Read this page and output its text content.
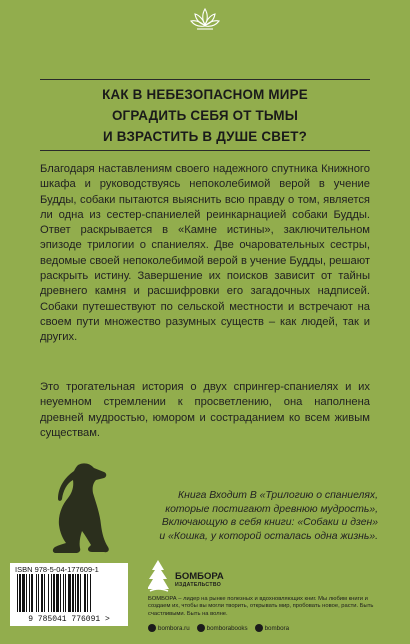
КАК В НЕБЕЗОПАСНОМ МИРЕ
ОГРАДИТЬ СЕБЯ ОТ ТЬМЫ
И ВЗРАСТИТЬ В ДУШЕ СВЕТ?

Благодаря наставлениям своего надежного спутника Книжного шкафа и руководствуясь непоколебимой верой в учение Будды, собаки пытаются выяснить всю правду о том, является ли одна из сестер-спаниелей реинкарнацией собаки Будды. Ответ раскрывается в «Камне истины», заключительном эпизоде трилогии о спаниелях. Две очаровательных сестры, ведомые своей непоколебимой верой в учение Будды, решают раскрыть истину. Завершение их поисков зависит от тайны древнего камня и расшифровки его загадочных надписей. Собаки путешествуют по сельской местности и встречают на своем пути множество разумных существ – как людей, так и других.

Это трогательная история о двух спрингер-спаниелях и их неуемном стремлении к просветлению, она наполнена древней мудростью, юмором и состраданием ко всем живым существам.

Книга Входит В «Трилогию о спаниелях,
которые постигают древнюю мудрость»,
Включающую в себя книги: «Собаки и дзен»
и «Кошка, у которой осталась одна жизнь».

ISBN 978-5-04-177609-1
9 785041 776091 >
БОМБОРА
ИЗДАТЕЛЬСТВО

БОМБОРА – лидер на рынке полезных и вдохновляющих книг. Мы любим книги и создаем их, чтобы вы могли творить, открывать мир, пробовать новое, расти. Быть счастливыми. Быть на волне.

bombora.ru	bomborabooks	bombora
